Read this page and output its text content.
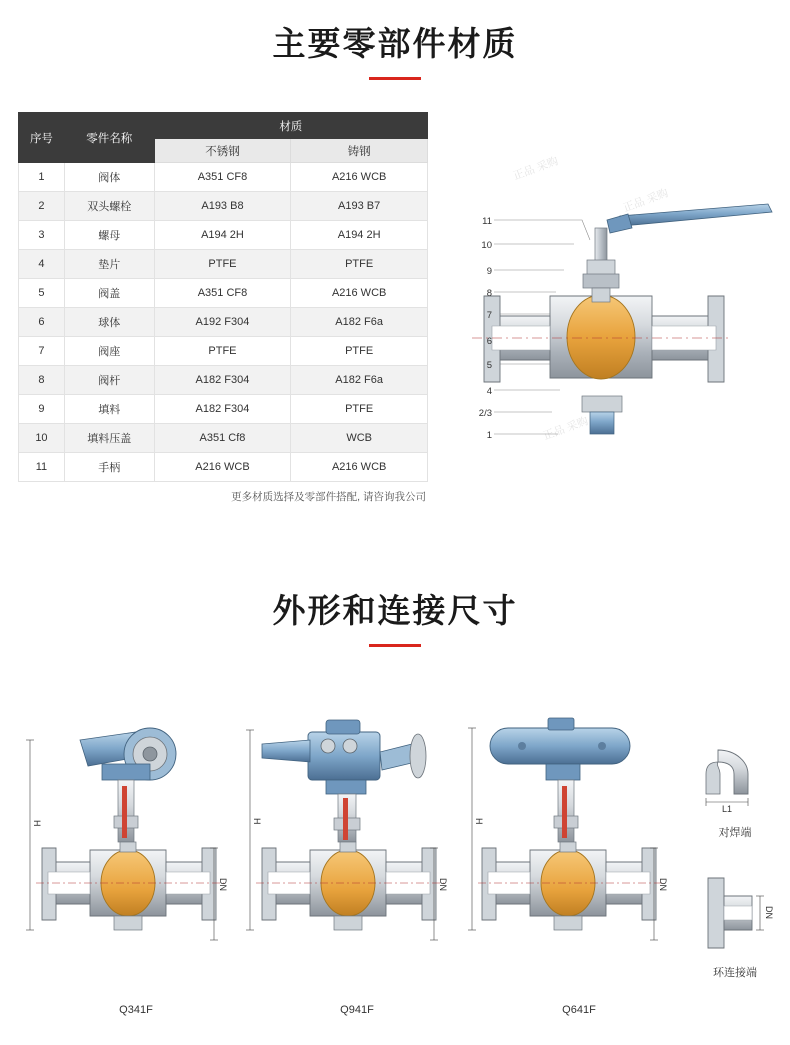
主要零部件材质
序号	零件名称	材质	
		不锈钢	铸钢
1	阀体	A351 CF8	A216 WCB
2	双头螺栓	A193 B8	A193 B7
3	螺母	A194 2H	A194 2H
4	垫片	PTFE	PTFE
5	阀盖	A351 CF8	A216 WCB
6	球体	A192 F304	A182 F6a
7	阀座	PTFE	PTFE
8	阀杆	A182 F304	A182 F6a
9	填料	A182 F304	PTFE
10	填料压盖	A351 Cf8	WCB
11	手柄	A216 WCB	A216 WCB
更多材质选择及零部件搭配, 请咨询我公司
11
10
9
8
7
6
5
4
2/3
1
正品 采购
正品 采购
正品 采购
外形和连接尺寸
H
DN
Q341F
H
DN
Q941F
H
DN
Q641F
L1
对焊端
DN
环连接端
